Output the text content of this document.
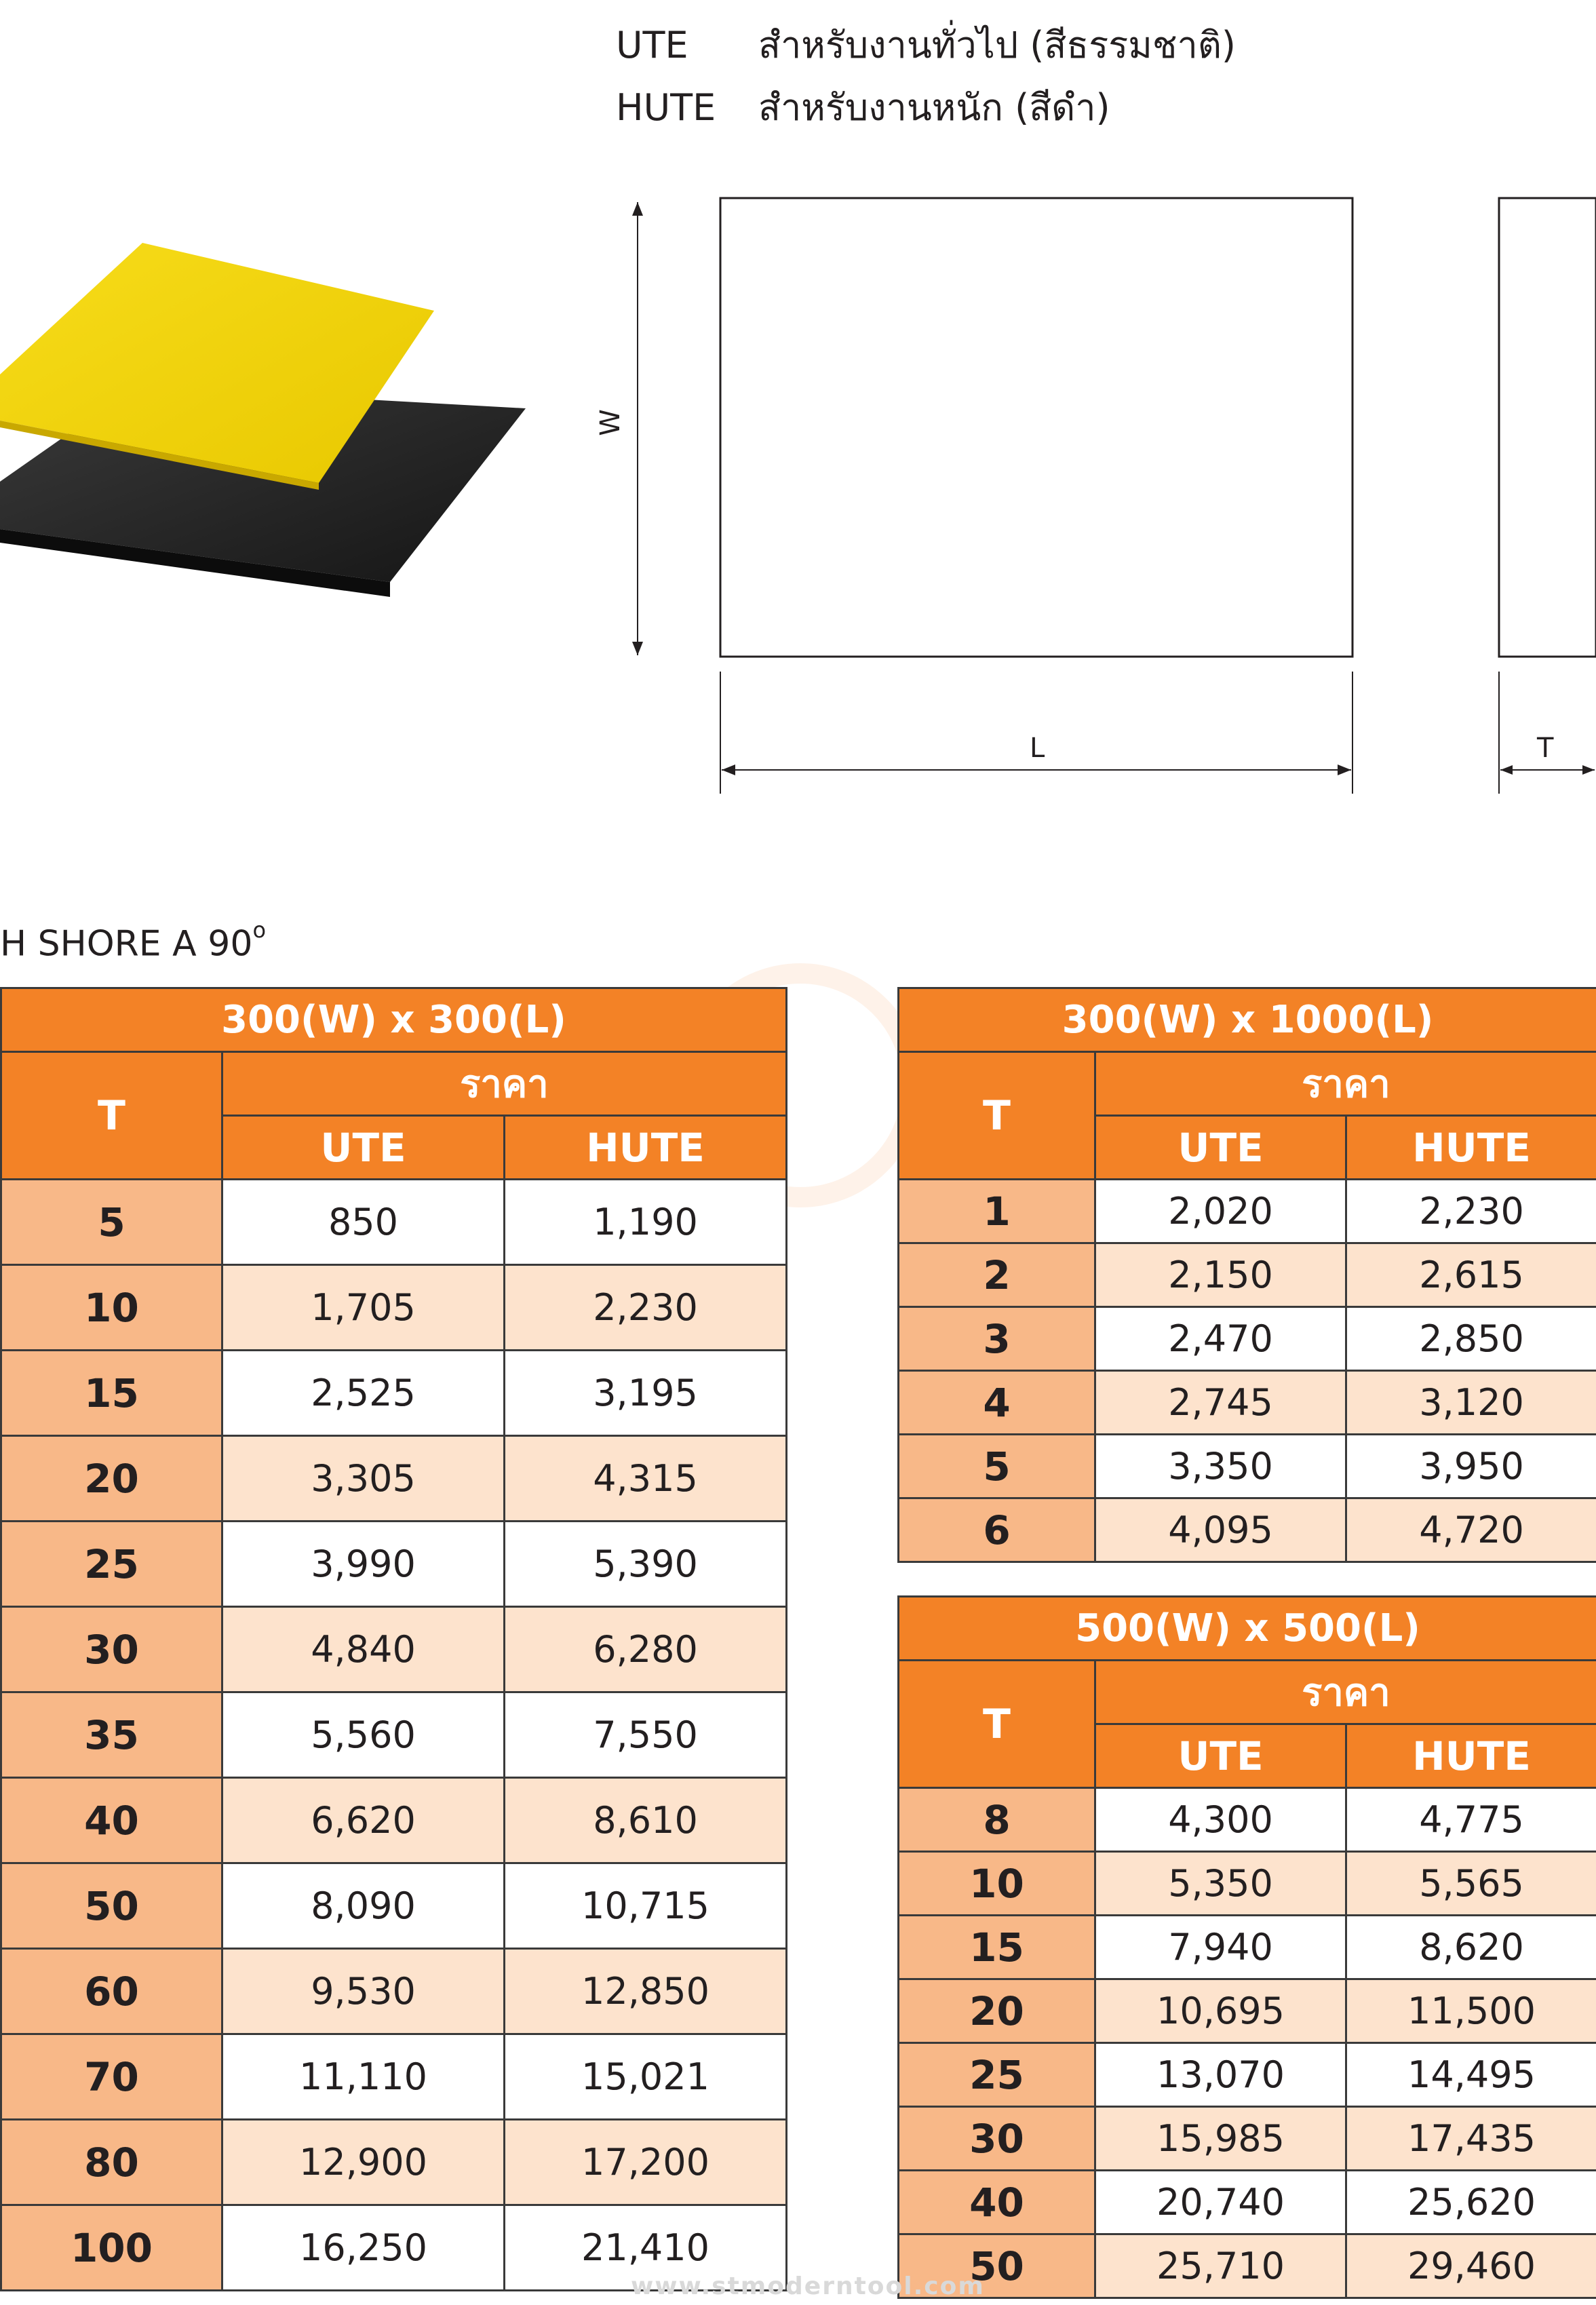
UTE สำหรับงานทั่วไป (สีธรรมชาติ)
HUTE สำหรับงานหนัก (สีดำ)
W
L	T
H SHORE A 90$^o$
300(W) x 300(L)		
T	ราคา	
	UTE	HUTE
5	850	1,190
10	1,705	2,230
15	2,525	3,195
20	3,305	4,315
25	3,990	5,390
30	4,840	6,280
35	5,560	7,550
40	6,620	8,610
50	8,090	10,715
60	9,530	12,850
70	11,110	15,021
80	12,900	17,200
100	16,250	21,410
300(W) x 1000(L)		
T	ราคา	
	UTE	HUTE
1	2,020	2,230
2	2,150	2,615
3	2,470	2,850
4	2,745	3,120
5	3,350	3,950
6	4,095	4,720
500(W) x 500(L)		
T	ราคา	
	UTE	HUTE
8	4,300	4,775
10	5,350	5,565
15	7,940	8,620
20	10,695	11,500
25	13,070	14,495
30	15,985	17,435
40	20,740	25,620
50	25,710	29,460
www.stmoderntool.com
